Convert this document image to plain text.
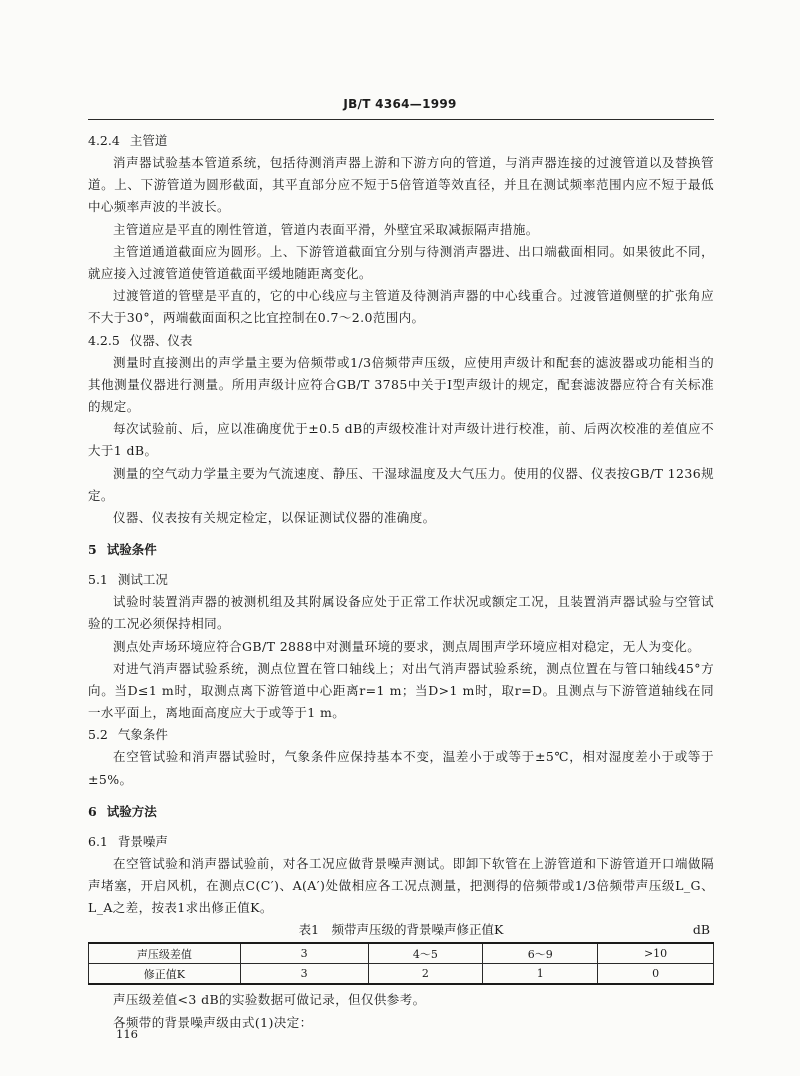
JB/T 4364—1999
4.2.4 主管道

消声器试验基本管道系统，包括待测消声器上游和下游方向的管道，与消声器连接的过渡管道以及替换管道。上、下游管道为圆形截面，其平直部分应不短于5倍管道等效直径，并且在测试频率范围内应不短于最低中心频率声波的半波长。

主管道应是平直的刚性管道，管道内表面平滑，外壁宜采取减振隔声措施。

主管道通道截面应为圆形。上、下游管道截面宜分别与待测消声器进、出口端截面相同。如果彼此不同，就应接入过渡管道使管道截面平缓地随距离变化。

过渡管道的管壁是平直的，它的中心线应与主管道及待测消声器的中心线重合。过渡管道侧壁的扩张角应不大于30°，两端截面面积之比宜控制在0.7～2.0范围内。

4.2.5 仪器、仪表

测量时直接测出的声学量主要为倍频带或1/3倍频带声压级，应使用声级计和配套的滤波器或功能相当的其他测量仪器进行测量。所用声级计应符合GB/T 3785中关于Ⅰ型声级计的规定，配套滤波器应符合有关标准的规定。

每次试验前、后，应以准确度优于±0.5 dB的声级校准计对声级计进行校准，前、后两次校准的差值应不大于1 dB。

测量的空气动力学量主要为气流速度、静压、干湿球温度及大气压力。使用的仪器、仪表按GB/T 1236规定。

仪器、仪表按有关规定检定，以保证测试仪器的准确度。

5 试验条件
5.1 测试工况

试验时装置消声器的被测机组及其附属设备应处于正常工作状况或额定工况，且装置消声器试验与空管试验的工况必须保持相同。

测点处声场环境应符合GB/T 2888中对测量环境的要求，测点周围声学环境应相对稳定，无人为变化。

对进气消声器试验系统，测点位置在管口轴线上；对出气消声器试验系统，测点位置在与管口轴线45°方向。当D≤1 m时，取测点离下游管道中心距离r=1 m；当D>1 m时，取r=D。且测点与下游管道轴线在同一水平面上，离地面高度应大于或等于1 m。

5.2 气象条件

在空管试验和消声器试验时，气象条件应保持基本不变，温差小于或等于±5℃，相对湿度差小于或等于±5%。

6 试验方法
6.1 背景噪声

在空管试验和消声器试验前，对各工况应做背景噪声测试。即卸下软管在上游管道和下游管道开口端做隔声堵塞，开启风机，在测点C(C′)、A(A′)处做相应各工况点测量，把测得的倍频带或1/3倍频带声压级L_G、L_A之差，按表1求出修正值K。

表1　频带声压级的背景噪声修正值K	dB
声压级差值	3	4～5	6～9	>10
修正值K	3	2	1	0

声压级差值<3 dB的实验数据可做记录，但仅供参考。

各频带的背景噪声级由式(1)决定：

116
